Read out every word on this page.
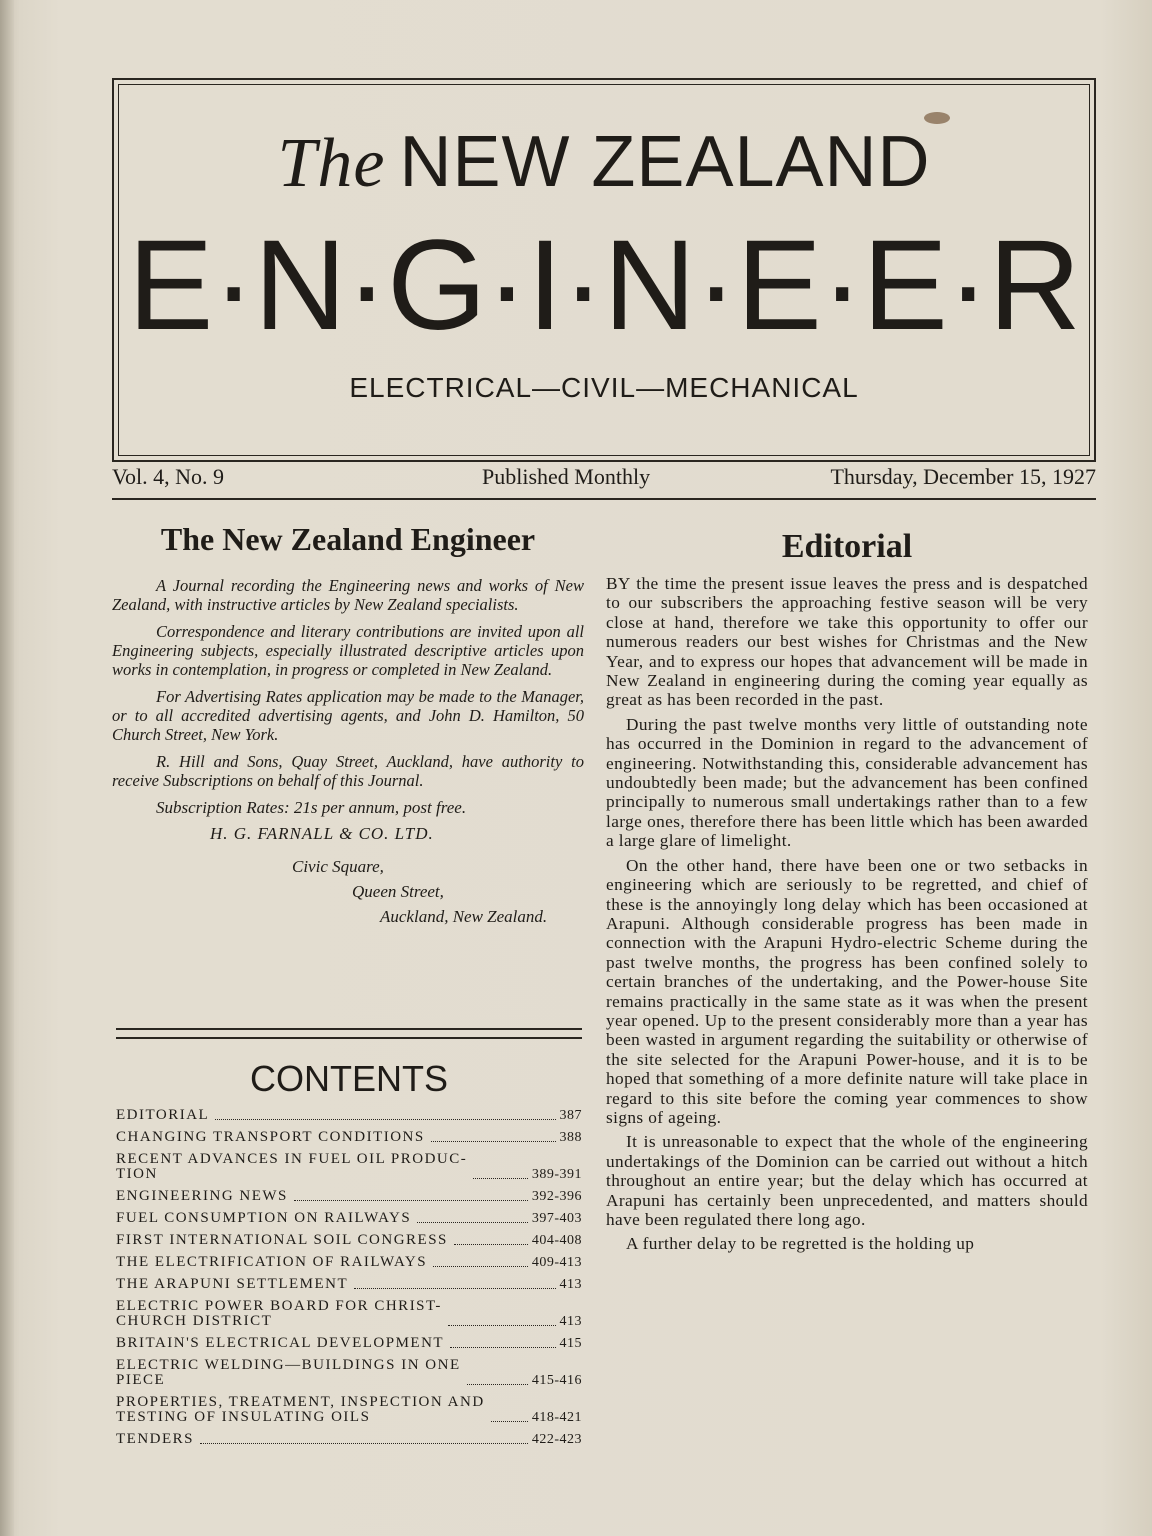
The NEW ZEALAND
E·N·G·I·N·E·E·R
ELECTRICAL—CIVIL—MECHANICAL
Vol. 4, No. 9	Published Monthly	Thursday, December 15, 1927
The New Zealand Engineer

A Journal recording the Engineering news and works of New Zealand, with instructive articles by New Zealand specialists.

Correspondence and literary contributions are invited upon all Engineering subjects, especially illustrated descriptive articles upon works in contemplation, in progress or completed in New Zealand.

For Advertising Rates application may be made to the Manager, or to all accredited advertising agents, and John D. Hamilton, 50 Church Street, New York.

R. Hill and Sons, Quay Street, Auckland, have authority to receive Subscriptions on behalf of this Journal.

Subscription Rates: 21s per annum, post free.
H. G. FARNALL & CO. LTD.
Civic Square,
Queen Street,
Auckland, New Zealand.
CONTENTS
EDITORIAL	387
CHANGING TRANSPORT CONDITIONS	388
RECENT ADVANCES IN FUEL OIL PRODUC-
TION	389-391
ENGINEERING NEWS	392-396
FUEL CONSUMPTION ON RAILWAYS	397-403
FIRST INTERNATIONAL SOIL CONGRESS	404-408
THE ELECTRIFICATION OF RAILWAYS	409-413
THE ARAPUNI SETTLEMENT	413
ELECTRIC POWER BOARD FOR CHRIST-
CHURCH DISTRICT	413
BRITAIN'S ELECTRICAL DEVELOPMENT	415
ELECTRIC WELDING—BUILDINGS IN ONE
PIECE	415-416
PROPERTIES, TREATMENT, INSPECTION AND
TESTING OF INSULATING OILS	418-421
TENDERS	422-423
Editorial

BY the time the present issue leaves the press and is despatched to our subscribers the approaching festive season will be very close at hand, therefore we take this opportunity to offer our numerous readers our best wishes for Christmas and the New Year, and to express our hopes that advancement will be made in New Zealand in engineering during the coming year equally as great as has been recorded in the past.

During the past twelve months very little of outstanding note has occurred in the Dominion in regard to the advancement of engineering. Notwithstanding this, considerable advancement has undoubtedly been made; but the advancement has been confined principally to numerous small undertakings rather than to a few large ones, therefore there has been little which has been awarded a large glare of limelight.

On the other hand, there have been one or two setbacks in engineering which are seriously to be regretted, and chief of these is the annoyingly long delay which has been occasioned at Arapuni. Although considerable progress has been made in connection with the Arapuni Hydro-electric Scheme during the past twelve months, the progress has been confined solely to certain branches of the undertaking, and the Power-house Site remains practically in the same state as it was when the present year opened. Up to the present considerably more than a year has been wasted in argument regarding the suitability or otherwise of the site selected for the Arapuni Power-house, and it is to be hoped that something of a more definite nature will take place in regard to this site before the coming year commences to show signs of ageing.

It is unreasonable to expect that the whole of the engineering undertakings of the Dominion can be carried out without a hitch throughout an entire year; but the delay which has occurred at Arapuni has certainly been unprecedented, and matters should have been regulated there long ago.

A further delay to be regretted is the holding up
